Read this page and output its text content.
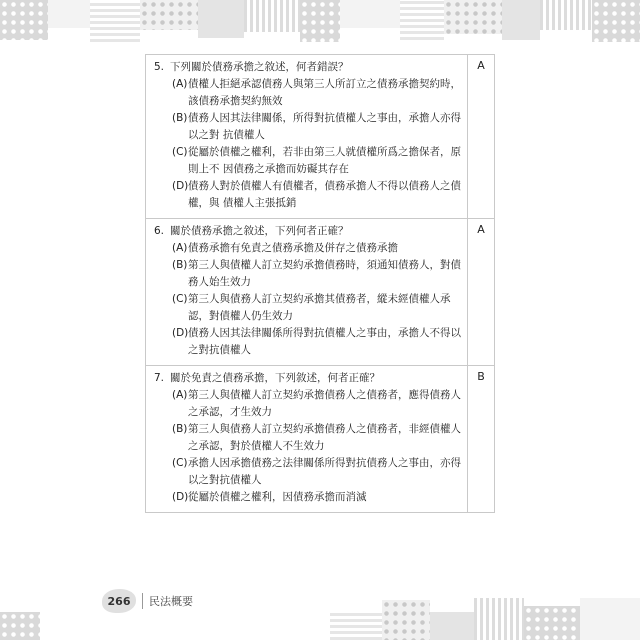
5. 下列關於債務承擔之敘述，何者錯誤？
(A)債權人拒絕承認債務人與第三人所訂立之債務承擔契約時，該債務承擔契約無效
(B)債務人因其法律關係，所得對抗債權人之事由，承擔人亦得以之對 抗債權人
(C)從屬於債權之權利，若非由第三人就債權所爲之擔保者，原則上不 因債務之承擔而妨礙其存在
(D)債務人對於債權人有債權者，債務承擔人不得以債務人之債權，與 債權人主張抵銷
A
6. 關於債務承擔之敘述，下列何者正確？
(A)債務承擔有免責之債務承擔及併存之債務承擔
(B)第三人與債權人訂立契約承擔債務時，須通知債務人，對債務人始生效力
(C)第三人與債務人訂立契約承擔其債務者，縱未經債權人承認，對債權人仍生效力
(D)債務人因其法律關係所得對抗債權人之事由，承擔人不得以之對抗債權人
A
7. 關於免責之債務承擔，下列敘述，何者正確？
(A)第三人與債權人訂立契約承擔債務人之債務者，應得債務人之承認，才生效力
(B)第三人與債務人訂立契約承擔債務人之債務者，非經債權人之承認，對於債權人不生效力
(C)承擔人因承擔債務之法律關係所得對抗債務人之事由，亦得以之對抗債權人
(D)從屬於債權之權利，因債務承擔而消滅
B
266	民法概要
